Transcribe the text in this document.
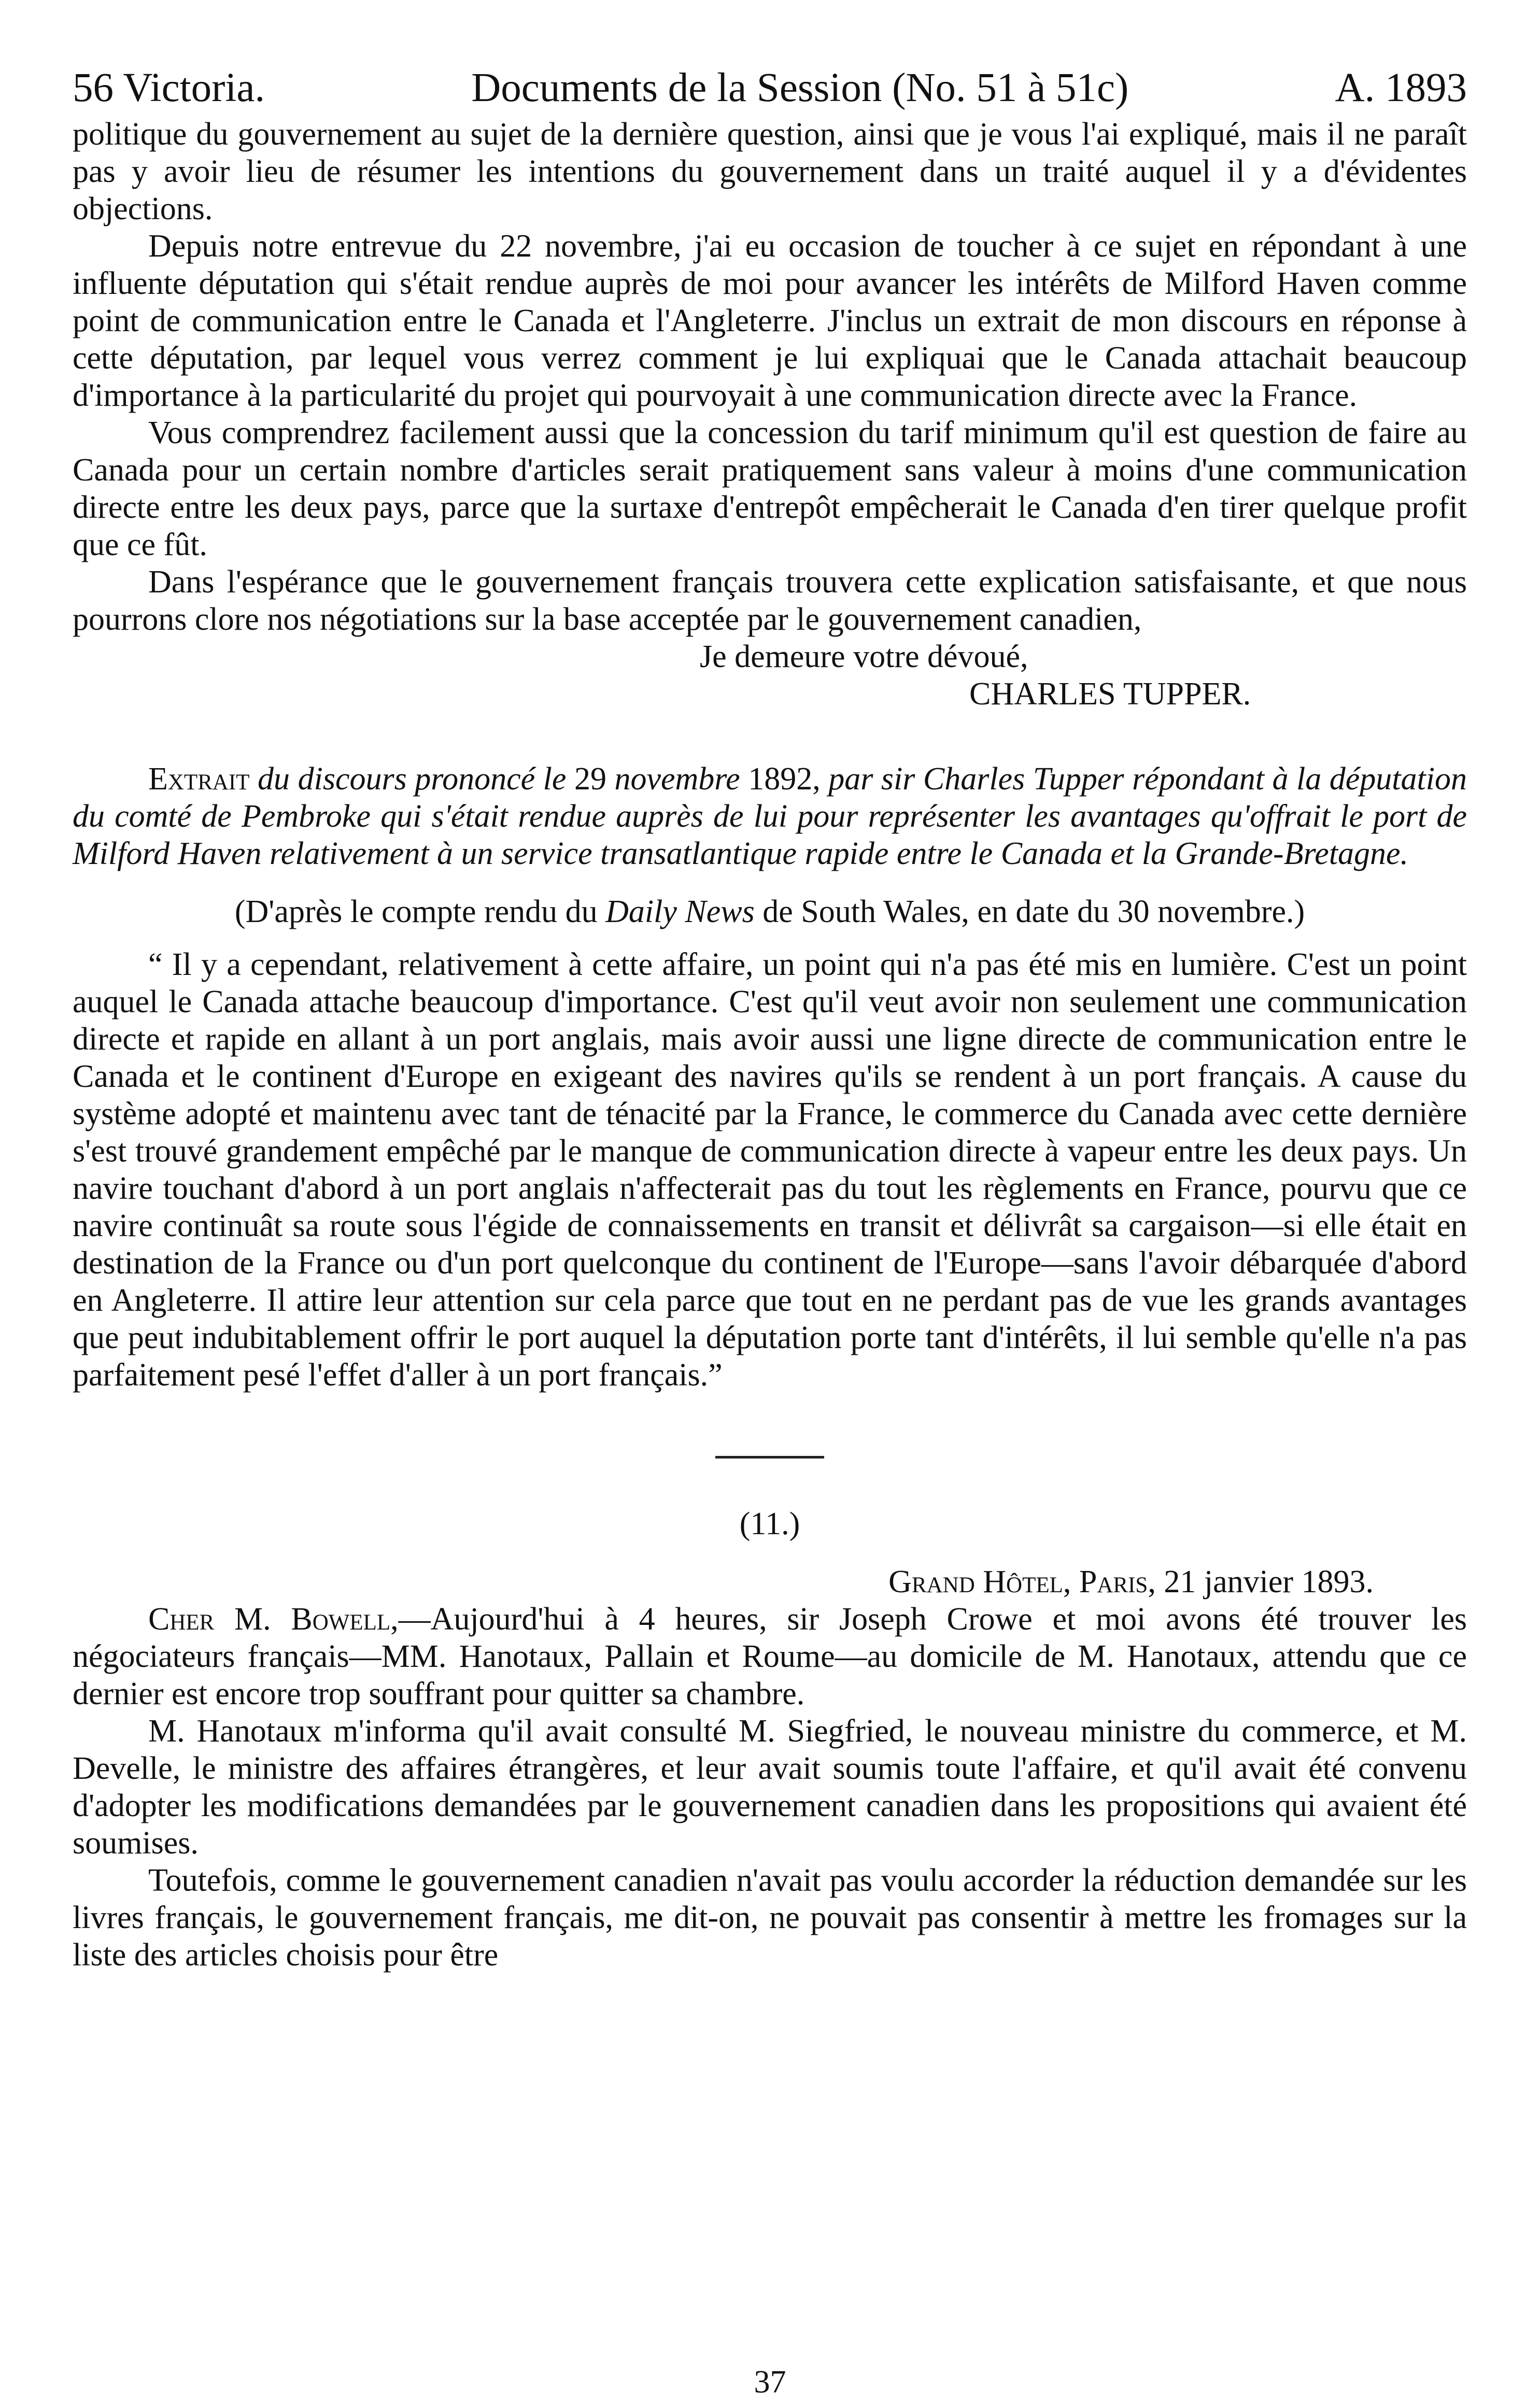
56 Victoria.	Documents de la Session (No. 51 à 51c)	A. 1893

politique du gouvernement au sujet de la dernière question, ainsi que je vous l'ai expliqué, mais il ne paraît pas y avoir lieu de résumer les intentions du gouvernement dans un traité auquel il y a d'évidentes objections.

Depuis notre entrevue du 22 novembre, j'ai eu occasion de toucher à ce sujet en répondant à une influente députation qui s'était rendue auprès de moi pour avancer les intérêts de Milford Haven comme point de communication entre le Canada et l'Angleterre. J'inclus un extrait de mon discours en réponse à cette députation, par lequel vous verrez comment je lui expliquai que le Canada attachait beaucoup d'importance à la particularité du projet qui pourvoyait à une communication directe avec la France.

Vous comprendrez facilement aussi que la concession du tarif minimum qu'il est question de faire au Canada pour un certain nombre d'articles serait pratiquement sans valeur à moins d'une communication directe entre les deux pays, parce que la surtaxe d'entrepôt empêcherait le Canada d'en tirer quelque profit que ce fût.

Dans l'espérance que le gouvernement français trouvera cette explication satisfaisante, et que nous pourrons clore nos négotiations sur la base acceptée par le gouvernement canadien,

Je demeure votre dévoué,
CHARLES TUPPER.

Extrait du discours prononcé le 29 novembre 1892, par sir Charles Tupper répondant à la députation du comté de Pembroke qui s'était rendue auprès de lui pour représenter les avantages qu'offrait le port de Milford Haven relativement à un service transatlantique rapide entre le Canada et la Grande-Bretagne.

(D'après le compte rendu du Daily News de South Wales, en date du 30 novembre.)

“ Il y a cependant, relativement à cette affaire, un point qui n'a pas été mis en lumière. C'est un point auquel le Canada attache beaucoup d'importance. C'est qu'il veut avoir non seulement une communication directe et rapide en allant à un port anglais, mais avoir aussi une ligne directe de communication entre le Canada et le continent d'Europe en exigeant des navires qu'ils se rendent à un port français. A cause du système adopté et maintenu avec tant de ténacité par la France, le commerce du Canada avec cette dernière s'est trouvé grandement empêché par le manque de communication directe à vapeur entre les deux pays. Un navire touchant d'abord à un port anglais n'affecterait pas du tout les règlements en France, pourvu que ce navire continuât sa route sous l'égide de connaissements en transit et délivrât sa cargaison—si elle était en destination de la France ou d'un port quelconque du continent de l'Europe—sans l'avoir débarquée d'abord en Angleterre. Il attire leur attention sur cela parce que tout en ne perdant pas de vue les grands avantages que peut indubitablement offrir le port auquel la députation porte tant d'intérêts, il lui semble qu'elle n'a pas parfaitement pesé l'effet d'aller à un port français.”

(11.)
Grand Hôtel, Paris, 21 janvier 1893.

Cher M. Bowell,—Aujourd'hui à 4 heures, sir Joseph Crowe et moi avons été trouver les négociateurs français—MM. Hanotaux, Pallain et Roume—au domicile de M. Hanotaux, attendu que ce dernier est encore trop souffrant pour quitter sa chambre.

M. Hanotaux m'informa qu'il avait consulté M. Siegfried, le nouveau ministre du commerce, et M. Develle, le ministre des affaires étrangères, et leur avait soumis toute l'affaire, et qu'il avait été convenu d'adopter les modifications demandées par le gouvernement canadien dans les propositions qui avaient été soumises.

Toutefois, comme le gouvernement canadien n'avait pas voulu accorder la réduction demandée sur les livres français, le gouvernement français, me dit-on, ne pouvait pas consentir à mettre les fromages sur la liste des articles choisis pour être

37
